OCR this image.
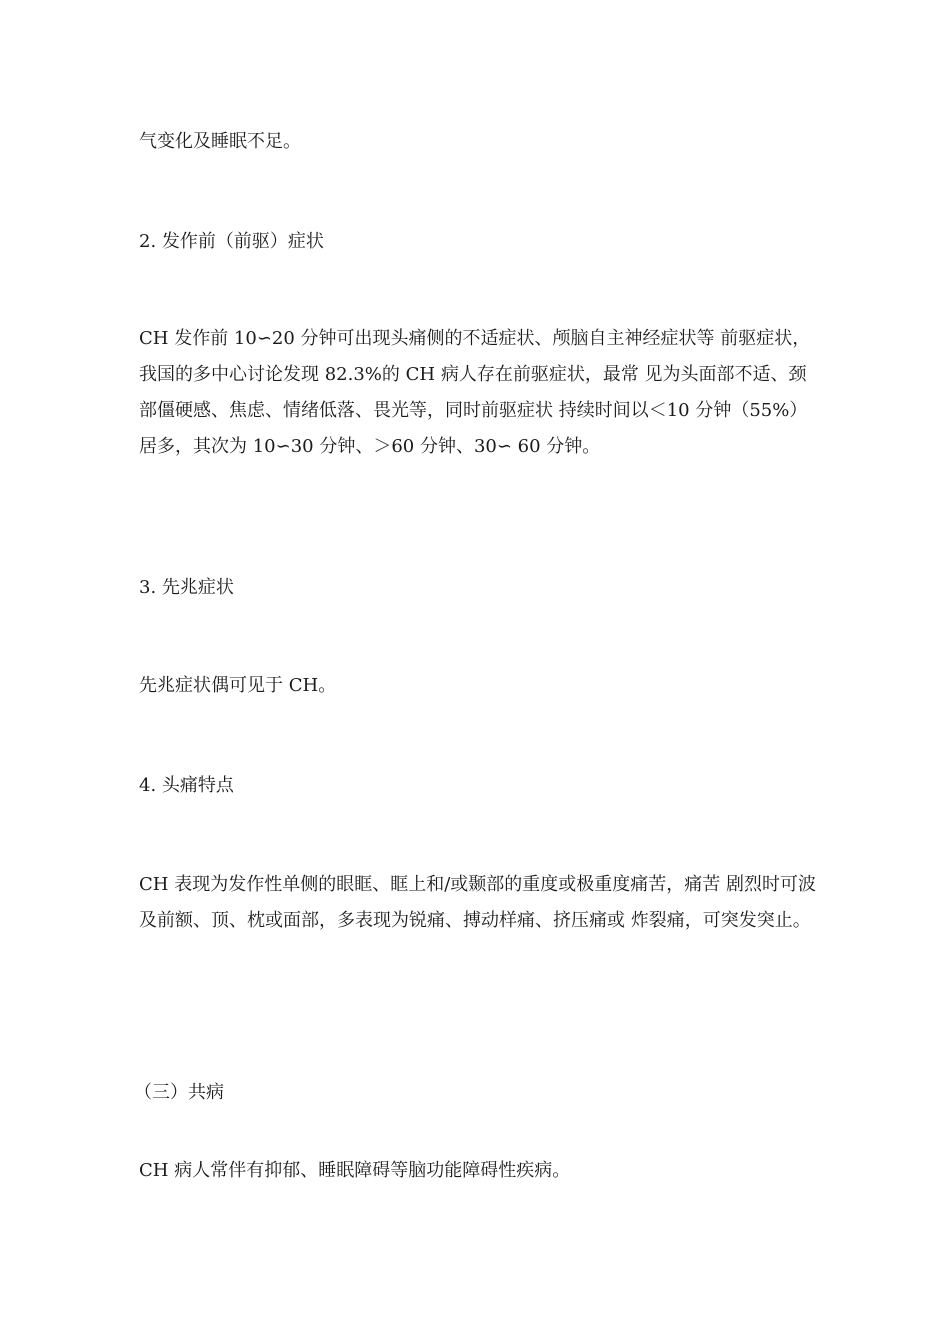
气变化及睡眠不足。

2. 发作前（前驱）症状

CH 发作前 10∽20 分钟可出现头痛侧的不适症状、颅脑自主神经症状等 前驱症状，我国的多中心讨论发现 82.3%的 CH 病人存在前驱症状，最常 见为头面部不适、颈部僵硬感、焦虑、情绪低落、畏光等，同时前驱症状 持续时间以＜10 分钟（55%）居多，其次为 10∽30 分钟、＞60 分钟、30∽ 60 分钟。

3. 先兆症状

先兆症状偶可见于 CH。

4. 头痛特点

CH 表现为发作性单侧的眼眶、眶上和/或颞部的重度或极重度痛苦，痛苦 剧烈时可波及前额、顶、枕或面部，多表现为锐痛、搏动样痛、挤压痛或 炸裂痛，可突发突止。

（三）共病

CH 病人常伴有抑郁、睡眠障碍等脑功能障碍性疾病。
